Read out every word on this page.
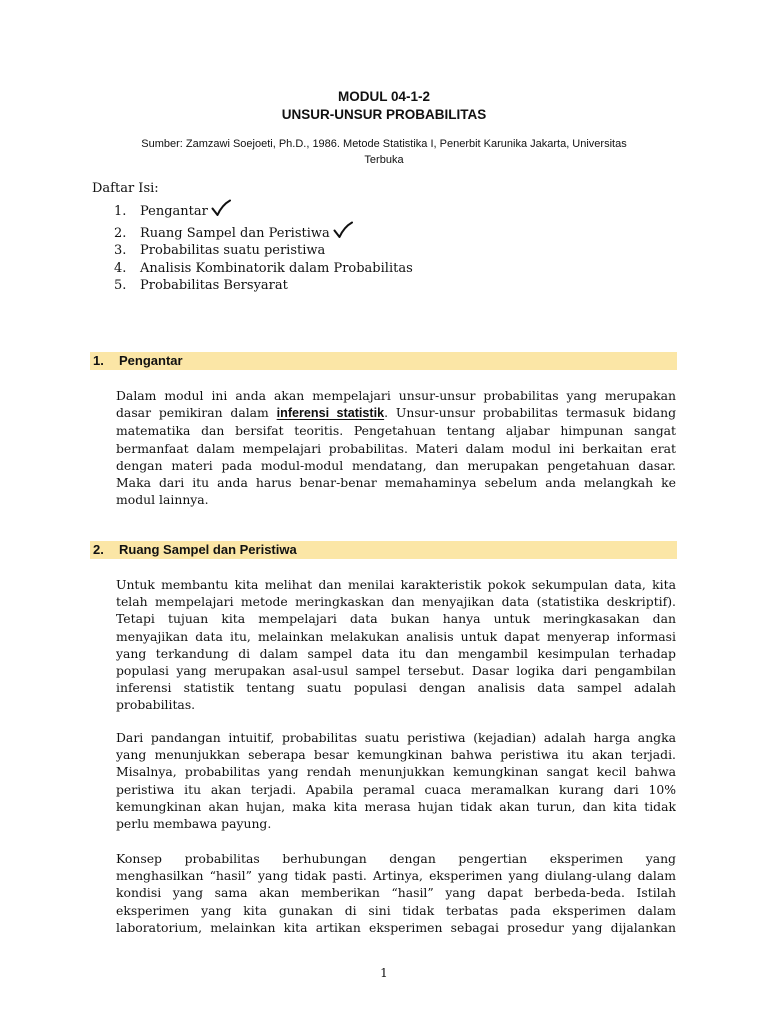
MODUL 04-1-2
UNSUR-UNSUR PROBABILITAS
Sumber: Zamzawi Soejoeti, Ph.D., 1986. Metode Statistika I, Penerbit Karunika Jakarta, Universitas
Terbuka
Daftar Isi:
1. Pengantar
2. Ruang Sampel dan Peristiwa
3. Probabilitas suatu peristiwa
4. Analisis Kombinatorik dalam Probabilitas
5. Probabilitas Bersyarat
1. Pengantar
Dalam modul ini anda akan mempelajari unsur-unsur probabilitas yang merupakan
dasar pemikiran dalam inferensi statistik. Unsur-unsur probabilitas termasuk bidang
matematika dan bersifat teoritis. Pengetahuan tentang aljabar himpunan sangat
bermanfaat dalam mempelajari probabilitas. Materi dalam modul ini berkaitan erat
dengan materi pada modul-modul mendatang, dan merupakan pengetahuan dasar.
Maka dari itu anda harus benar-benar memahaminya sebelum anda melangkah ke
modul lainnya.
2. Ruang Sampel dan Peristiwa
Untuk membantu kita melihat dan menilai karakteristik pokok sekumpulan data, kita
telah mempelajari metode meringkaskan dan menyajikan data (statistika deskriptif).
Tetapi tujuan kita mempelajari data bukan hanya untuk meringkasakan dan
menyajikan data itu, melainkan melakukan analisis untuk dapat menyerap informasi
yang terkandung di dalam sampel data itu dan mengambil kesimpulan terhadap
populasi yang merupakan asal-usul sampel tersebut. Dasar logika dari pengambilan
inferensi statistik tentang suatu populasi dengan analisis data sampel adalah
probabilitas.
Dari pandangan intuitif, probabilitas suatu peristiwa (kejadian) adalah harga angka
yang menunjukkan seberapa besar kemungkinan bahwa peristiwa itu akan terjadi.
Misalnya, probabilitas yang rendah menunjukkan kemungkinan sangat kecil bahwa
peristiwa itu akan terjadi. Apabila peramal cuaca meramalkan kurang dari 10%
kemungkinan akan hujan, maka kita merasa hujan tidak akan turun, dan kita tidak
perlu membawa payung.
Konsep probabilitas berhubungan dengan pengertian eksperimen yang
menghasilkan “hasil” yang tidak pasti. Artinya, eksperimen yang diulang-ulang dalam
kondisi yang sama akan memberikan “hasil” yang dapat berbeda-beda. Istilah
eksperimen yang kita gunakan di sini tidak terbatas pada eksperimen dalam
laboratorium, melainkan kita artikan eksperimen sebagai prosedur yang dijalankan
1
